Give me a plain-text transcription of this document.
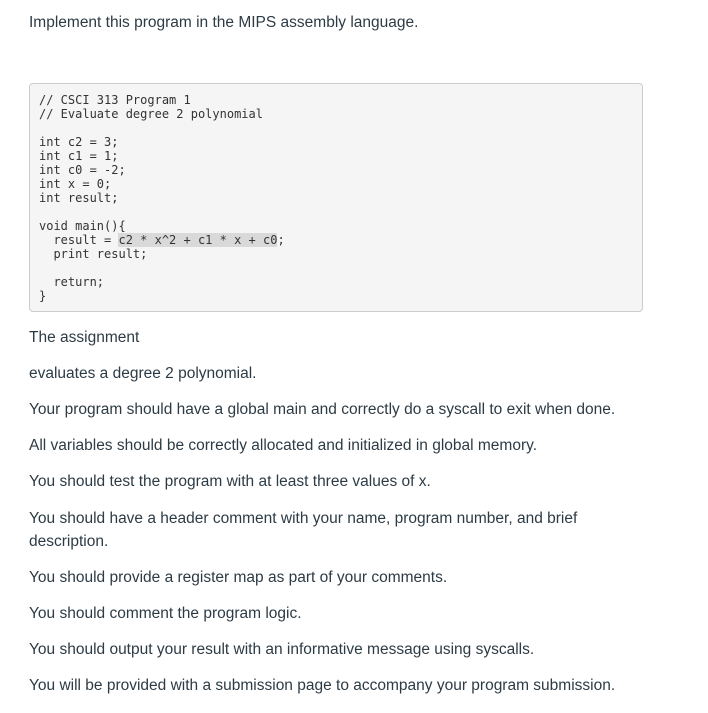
Implement this program in the MIPS assembly language.

// CSCI 313 Program 1
// Evaluate degree 2 polynomial
int c2 = 3;
int c1 = 1;
int c0 = -2;
int x = 0;
int result;
void main(){
result = c2 * x^2 + c1 * x + c0;
print result;
return;
}

The assignment

evaluates a degree 2 polynomial.

Your program should have a global main and correctly do a syscall to exit when done.

All variables should be correctly allocated and initialized in global memory.

You should test the program with at least three values of x.

You should have a header comment with your name, program number, and brief description.

You should provide a register map as part of your comments.

You should comment the program logic.

You should output your result with an informative message using syscalls.

You will be provided with a submission page to accompany your program submission.
